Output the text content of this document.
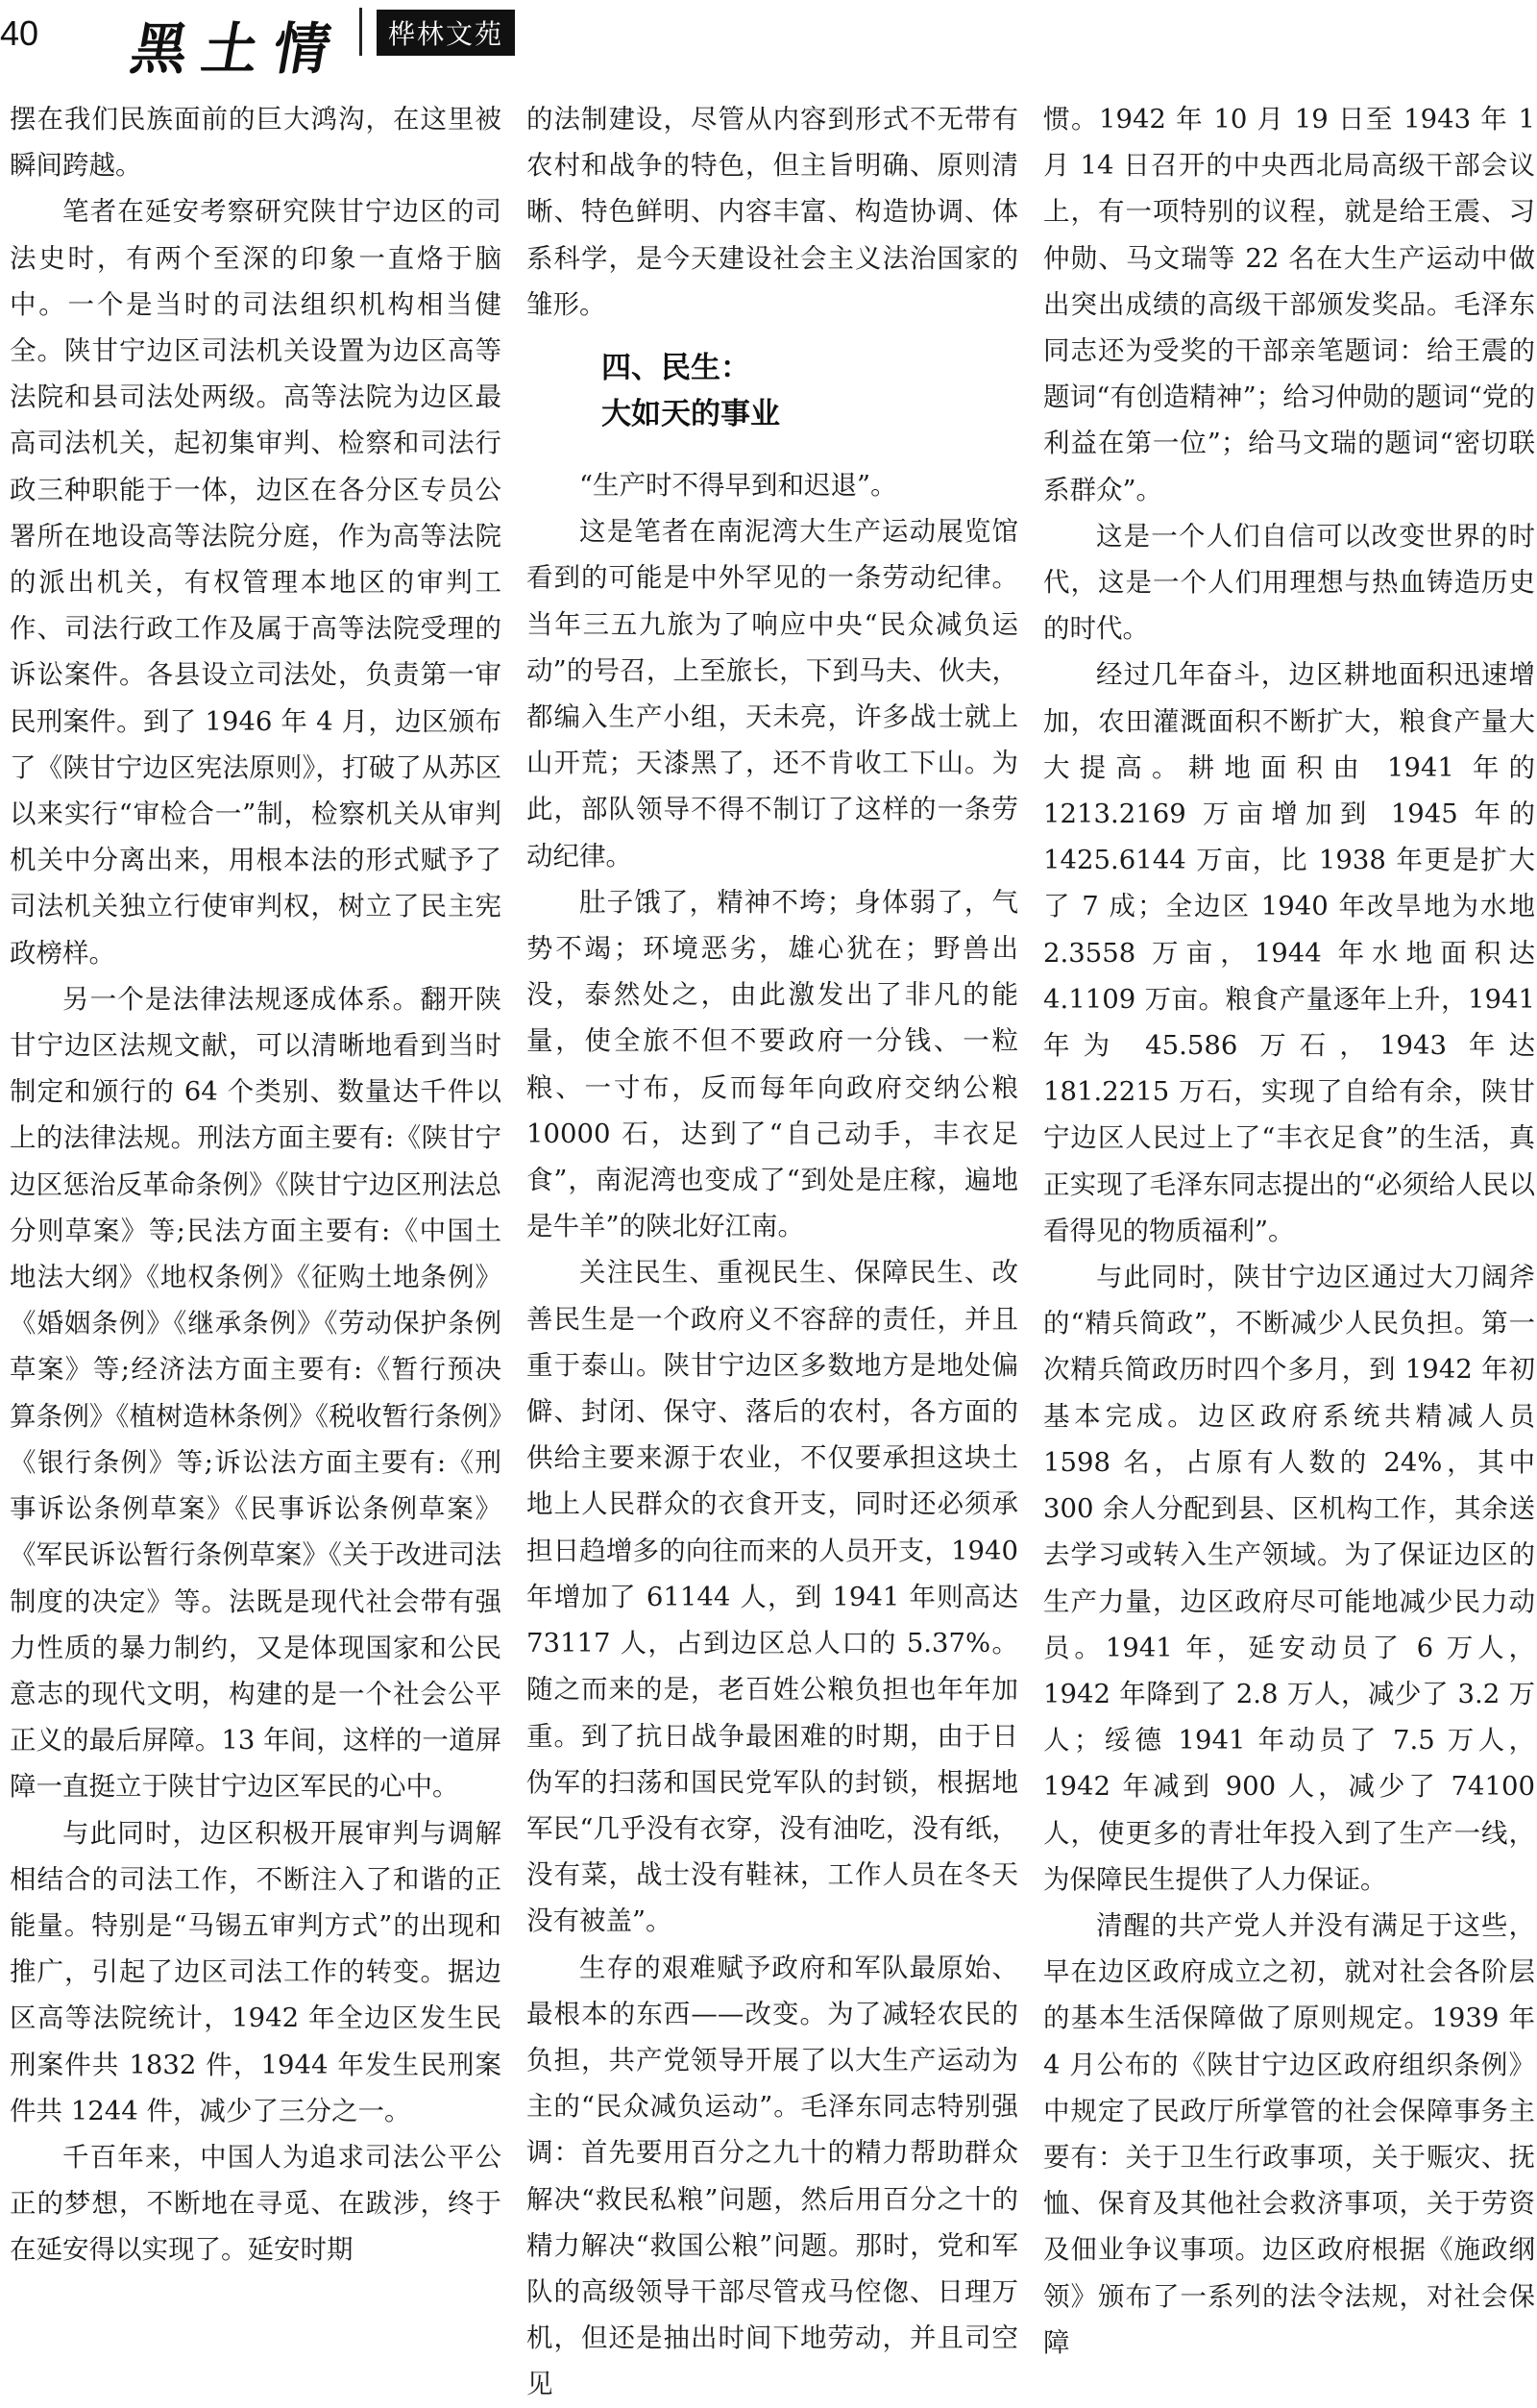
40 黑土情	桦林文苑

摆在我们民族面前的巨大鸿沟，在这里被瞬间跨越。

笔者在延安考察研究陕甘宁边区的司法史时，有两个至深的印象一直烙于脑中。一个是当时的司法组织机构相当健全。陕甘宁边区司法机关设置为边区高等法院和县司法处两级。高等法院为边区最高司法机关，起初集审判、检察和司法行政三种职能于一体，边区在各分区专员公署所在地设高等法院分庭，作为高等法院的派出机关，有权管理本地区的审判工作、司法行政工作及属于高等法院受理的诉讼案件。各县设立司法处，负责第一审民刑案件。到了 1946 年 4 月，边区颁布了《陕甘宁边区宪法原则》，打破了从苏区以来实行“审检合一”制，检察机关从审判机关中分离出来，用根本法的形式赋予了司法机关独立行使审判权，树立了民主宪政榜样。

另一个是法律法规逐成体系。翻开陕甘宁边区法规文献，可以清晰地看到当时制定和颁行的 64 个类别、数量达千件以上的法律法规。刑法方面主要有:《陕甘宁边区惩治反革命条例》《陕甘宁边区刑法总分则草案》等;民法方面主要有:《中国土地法大纲》《地权条例》《征购土地条例》《婚姻条例》《继承条例》《劳动保护条例草案》等;经济法方面主要有:《暂行预决算条例》《植树造林条例》《税收暂行条例》《银行条例》等;诉讼法方面主要有:《刑事诉讼条例草案》《民事诉讼条例草案》《军民诉讼暂行条例草案》《关于改进司法制度的决定》等。法既是现代社会带有强力性质的暴力制约，又是体现国家和公民意志的现代文明，构建的是一个社会公平正义的最后屏障。13 年间，这样的一道屏障一直挺立于陕甘宁边区军民的心中。

与此同时，边区积极开展审判与调解相结合的司法工作，不断注入了和谐的正能量。特别是“马锡五审判方式”的出现和推广，引起了边区司法工作的转变。据边区高等法院统计，1942 年全边区发生民刑案件共 1832 件，1944 年发生民刑案件共 1244 件，减少了三分之一。

千百年来，中国人为追求司法公平公正的梦想，不断地在寻觅、在跋涉，终于在延安得以实现了。延安时期

的法制建设，尽管从内容到形式不无带有农村和战争的特色，但主旨明确、原则清晰、特色鲜明、内容丰富、构造协调、体系科学，是今天建设社会主义法治国家的雏形。

四、民生：
大如天的事业

“生产时不得早到和迟退”。

这是笔者在南泥湾大生产运动展览馆看到的可能是中外罕见的一条劳动纪律。当年三五九旅为了响应中央“民众减负运动”的号召，上至旅长，下到马夫、伙夫，都编入生产小组，天未亮，许多战士就上山开荒；天漆黑了，还不肯收工下山。为此，部队领导不得不制订了这样的一条劳动纪律。

肚子饿了，精神不垮；身体弱了，气势不竭；环境恶劣，雄心犹在；野兽出没，泰然处之，由此激发出了非凡的能量，使全旅不但不要政府一分钱、一粒粮、一寸布，反而每年向政府交纳公粮 10000 石，达到了“自己动手，丰衣足食”，南泥湾也变成了“到处是庄稼，遍地是牛羊”的陕北好江南。

关注民生、重视民生、保障民生、改善民生是一个政府义不容辞的责任，并且重于泰山。陕甘宁边区多数地方是地处偏僻、封闭、保守、落后的农村，各方面的供给主要来源于农业，不仅要承担这块土地上人民群众的衣食开支，同时还必须承担日趋增多的向往而来的人员开支，1940 年增加了 61144 人，到 1941 年则高达 73117 人，占到边区总人口的 5.37%。随之而来的是，老百姓公粮负担也年年加重。到了抗日战争最困难的时期，由于日伪军的扫荡和国民党军队的封锁，根据地军民“几乎没有衣穿，没有油吃，没有纸，没有菜，战士没有鞋袜，工作人员在冬天没有被盖”。

生存的艰难赋予政府和军队最原始、最根本的东西——改变。为了减轻农民的负担，共产党领导开展了以大生产运动为主的“民众减负运动”。毛泽东同志特别强调：首先要用百分之九十的精力帮助群众解决“救民私粮”问题，然后用百分之十的精力解决“救国公粮”问题。那时，党和军队的高级领导干部尽管戎马倥偬、日理万机，但还是抽出时间下地劳动，并且司空见

惯。1942 年 10 月 19 日至 1943 年 1 月 14 日召开的中央西北局高级干部会议上，有一项特别的议程，就是给王震、习仲勋、马文瑞等 22 名在大生产运动中做出突出成绩的高级干部颁发奖品。毛泽东同志还为受奖的干部亲笔题词：给王震的题词“有创造精神”；给习仲勋的题词“党的利益在第一位”；给马文瑞的题词“密切联系群众”。

这是一个人们自信可以改变世界的时代，这是一个人们用理想与热血铸造历史的时代。

经过几年奋斗，边区耕地面积迅速增加，农田灌溉面积不断扩大，粮食产量大大提高。耕地面积由 1941 年的 1213.2169 万亩增加到 1945 年的 1425.6144 万亩，比 1938 年更是扩大了 7 成；全边区 1940 年改旱地为水地 2.3558 万亩，1944 年水地面积达 4.1109 万亩。粮食产量逐年上升，1941 年为 45.586 万石，1943 年达 181.2215 万石，实现了自给有余，陕甘宁边区人民过上了“丰衣足食”的生活，真正实现了毛泽东同志提出的“必须给人民以看得见的物质福利”。

与此同时，陕甘宁边区通过大刀阔斧的“精兵简政”，不断减少人民负担。第一次精兵简政历时四个多月，到 1942 年初基本完成。边区政府系统共精减人员 1598 名，占原有人数的 24%，其中 300 余人分配到县、区机构工作，其余送去学习或转入生产领域。为了保证边区的生产力量，边区政府尽可能地减少民力动员。1941 年，延安动员了 6 万人，1942 年降到了 2.8 万人，减少了 3.2 万人；绥德 1941 年动员了 7.5 万人，1942 年减到 900 人，减少了 74100 人，使更多的青壮年投入到了生产一线，为保障民生提供了人力保证。

清醒的共产党人并没有满足于这些，早在边区政府成立之初，就对社会各阶层的基本生活保障做了原则规定。1939 年 4 月公布的《陕甘宁边区政府组织条例》中规定了民政厅所掌管的社会保障事务主要有：关于卫生行政事项，关于赈灾、抚恤、保育及其他社会救济事项，关于劳资及佃业争议事项。边区政府根据《施政纲领》颁布了一系列的法令法规，对社会保障
